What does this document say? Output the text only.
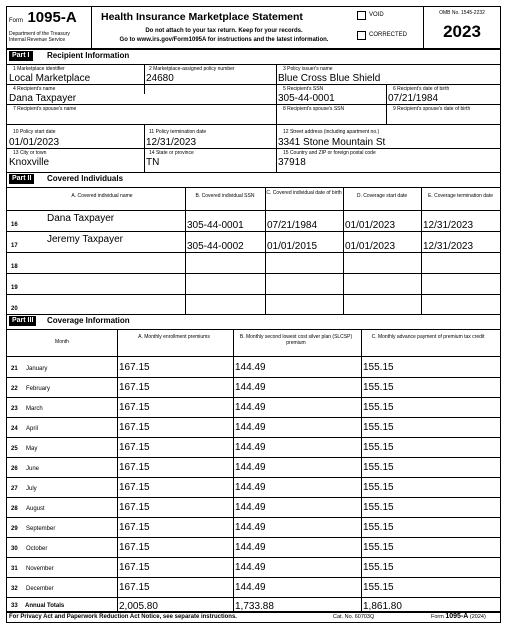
Form 1095-A
Department of the Treasury
Internal Revenue Service
Health Insurance Marketplace Statement
Do not attach to your tax return. Keep for your records.
Go to www.irs.gov/Form1095A for instructions and the latest information.
VOID
CORRECTED
OMB No. 1545-2232
2023
Part I	Recipient Information
1 Marketplace identifier
Local Marketplace
2 Marketplace-assigned policy number
24680
3 Policy issuer's name
Blue Cross Blue Shield
4 Recipient's name
Dana Taxpayer
5 Recipient's SSN
305-44-0001
6 Recipient's date of birth
07/21/1984
7 Recipient's spouse's name	8 Recipient's spouse's SSN	9 Recipient's spouse's date of birth
10 Policy start date
01/01/2023
11 Policy termination date
12/31/2023
12 Street address (including apartment no.)
3341 Stone Mountain St
13 City or town
Knoxville
14 State or province
TN
15 Country and ZIP or foreign postal code
37918
Part II	Covered Individuals
A. Covered individual name	B. Covered individual SSN	C. Covered individual date of birth	D. Coverage start date	E. Coverage termination date
16
Dana Taxpayer
305-44-0001 07/21/1984	01/01/2023	12/31/2023
17
Jeremy Taxpayer
305-44-0002 01/01/2015	01/01/2023	12/31/2023
18
19
20
Part III	Coverage Information
Month
A. Monthly enrollment premiums	B. Monthly second lowest cost silver plan (SLCSP) premium
C. Monthly advance payment of premium tax credit
21 January	167.15	144.49	155.15
22 February	167.15	144.49	155.15
23 March	167.15	144.49	155.15
24 April	167.15	144.49	155.15
25 May	167.15	144.49	155.15
26 June	167.15	144.49	155.15
27 July	167.15	144.49	155.15
28 August	167.15	144.49	155.15
29 September	167.15	144.49	155.15
30 October	167.15	144.49	155.15
31 November	167.15	144.49	155.15
32 December	167.15	144.49	155.15
33 Annual Totals	2,005.80	1,733.88	1,861.80
For Privacy Act and Paperwork Reduction Act Notice, see separate instructions.	Cat. No. 60703Q	Form 1095-A (2024)
